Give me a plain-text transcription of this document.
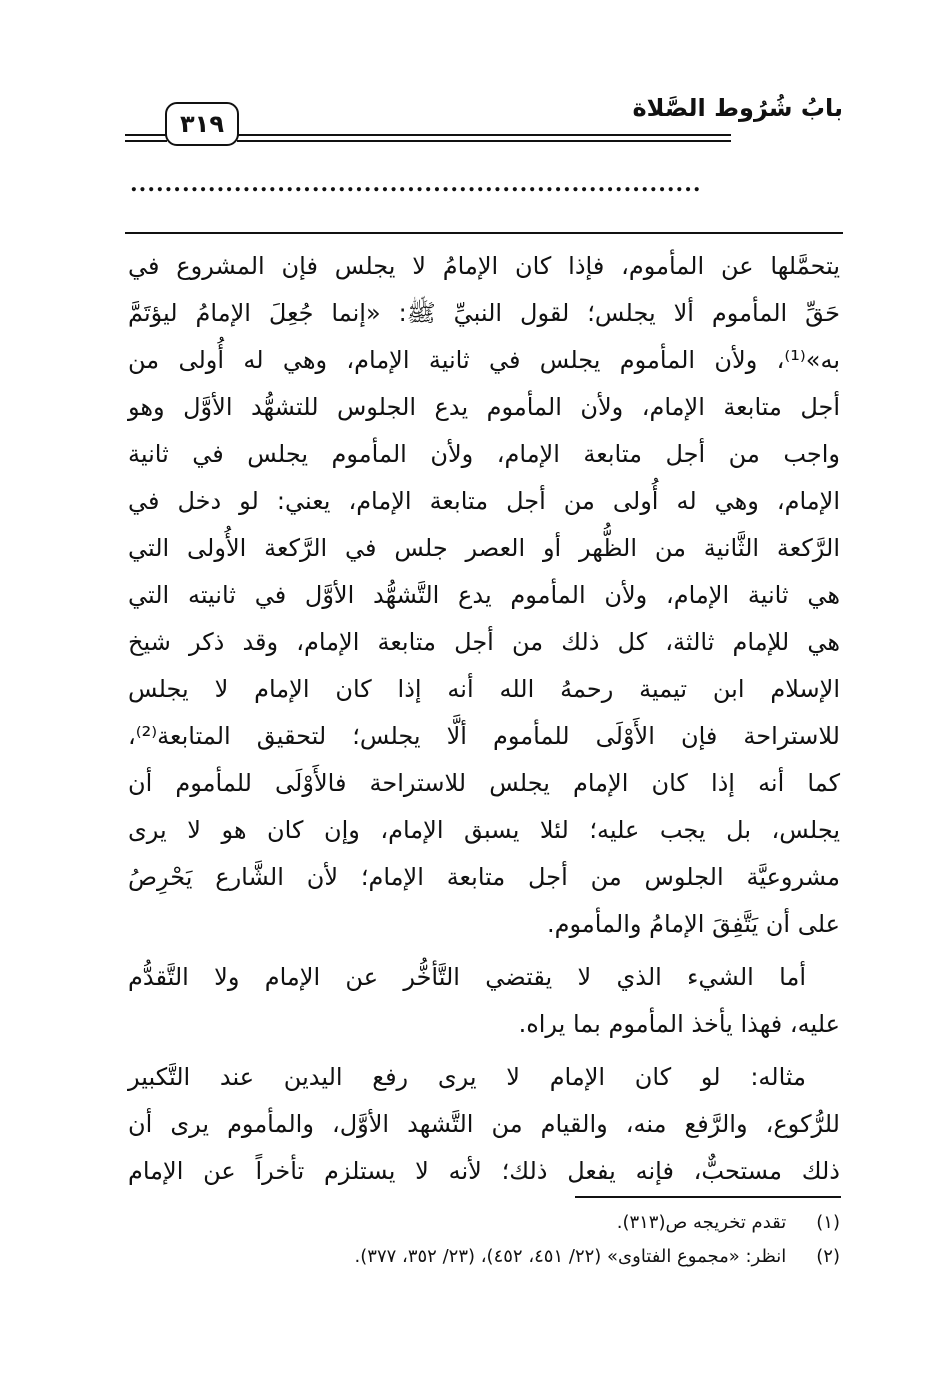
بابُ شُرُوط الصَّلاة
٣١٩
..................................................................

يتحمَّلها عن المأموم، فإذا كان الإمامُ لا يجلس فإن المشروع في
حَقِّ المأموم ألا يجلس؛ لقول النبيِّ ﷺ: «إنما جُعِلَ الإمامُ ليؤتَمَّ
به»⁽¹⁾، ولأن المأموم يجلس في ثانية الإمام، وهي له أُولى من
أجل متابعة الإمام، ولأن المأموم يدع الجلوس للتشهُّد الأوَّل وهو
واجب من أجل متابعة الإمام، ولأن المأموم يجلس في ثانية
الإمام، وهي له أُولى من أجل متابعة الإمام، يعني: لو دخل في
الرَّكعة الثَّانية من الظُّهر أو العصر جلس في الرَّكعة الأُولى التي
هي ثانية الإمام، ولأن المأموم يدع التَّشهُّد الأوَّل في ثانيته التي
هي للإمام ثالثة، كل ذلك من أجل متابعة الإمام، وقد ذكر شيخ
الإسلام ابن تيمية رحمهُ الله أنه إذا كان الإمام لا يجلس
للاستراحة فإن الأَوْلَى للمأموم ألَّا يجلس؛ لتحقيق المتابعة⁽²⁾،
كما أنه إذا كان الإمام يجلس للاستراحة فالأَوْلَى للمأموم أن
يجلس، بل يجب عليه؛ لئلا يسبق الإمام، وإن كان هو لا يرى
مشروعيَّة الجلوس من أجل متابعة الإمام؛ لأن الشَّارع يَحْرِصُ
على أن يَتَّفِقَ الإمامُ والمأموم.

أما الشيء الذي لا يقتضي التَّأخُّر عن الإمام ولا التَّقدُّم
عليه، فهذا يأخذ المأموم بما يراه.

مثاله: لو كان الإمام لا يرى رفع اليدين عند التَّكبير
للرُّكوع، والرَّفع منه، والقيام من التَّشهد الأوَّل، والمأموم يرى أن
ذلك مستحبٌّ، فإنه يفعل ذلك؛ لأنه لا يستلزم تأخراً عن الإمام

(١) تقدم تخريجه ص(٣١٣).
(٢) انظر: «مجموع الفتاوى» (٢٢/ ٤٥١، ٤٥٢)، (٢٣/ ٣٥٢، ٣٧٧).
